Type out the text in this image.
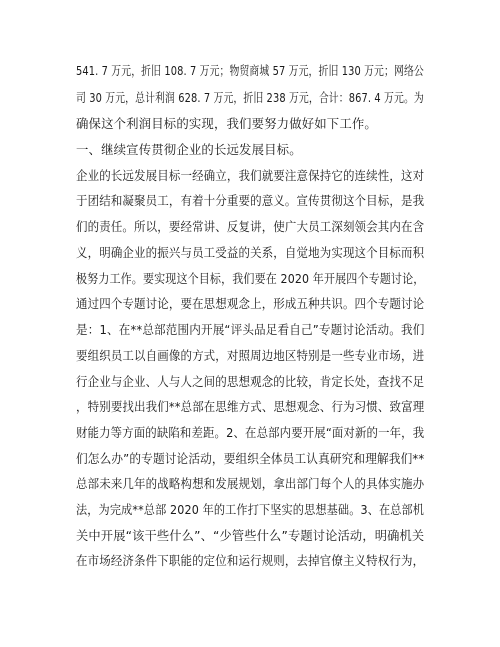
541. 7 万元，折旧 108. 7 万元；物贸商城 57 万元，折旧 130 万元；网络公
司 30 万元，总计利润 628. 7 万元，折旧 238 万元，合计：867. 4 万元。为
确保这个利润目标的实现，我们要努力做好如下工作。
一、继续宣传贯彻企业的长远发展目标。
企业的长远发展目标一经确立，我们就要注意保持它的连续性，这对
于团结和凝聚员工，有着十分重要的意义。宣传贯彻这个目标，是我
们的责任。所以，要经常讲、反复讲，使广大员工深刻领会其内在含
义，明确企业的振兴与员工受益的关系，自觉地为实现这个目标而积
极努力工作。要实现这个目标，我们要在 2020 年开展四个专题讨论，
通过四个专题讨论，要在思想观念上，形成五种共识。四个专题讨论
是：1、在**总部范围内开展“评头品足看自己”专题讨论活动。我们
要组织员工以自画像的方式，对照周边地区特别是一些专业市场，进
行企业与企业、人与人之间的思想观念的比较，肯定长处，查找不足
，特别要找出我们**总部在思维方式、思想观念、行为习惯、致富理
财能力等方面的缺陷和差距。2、在总部内要开展“面对新的一年，我
们怎么办”的专题讨论活动，要组织全体员工认真研究和理解我们**
总部未来几年的战略构想和发展规划，拿出部门每个人的具体实施办
法，为完成**总部 2020 年的工作打下坚实的思想基础。3、在总部机
关中开展“该干些什么”、“少管些什么”专题讨论活动，明确机关
在市场经济条件下职能的定位和运行规则，去掉官僚主义特权行为，
